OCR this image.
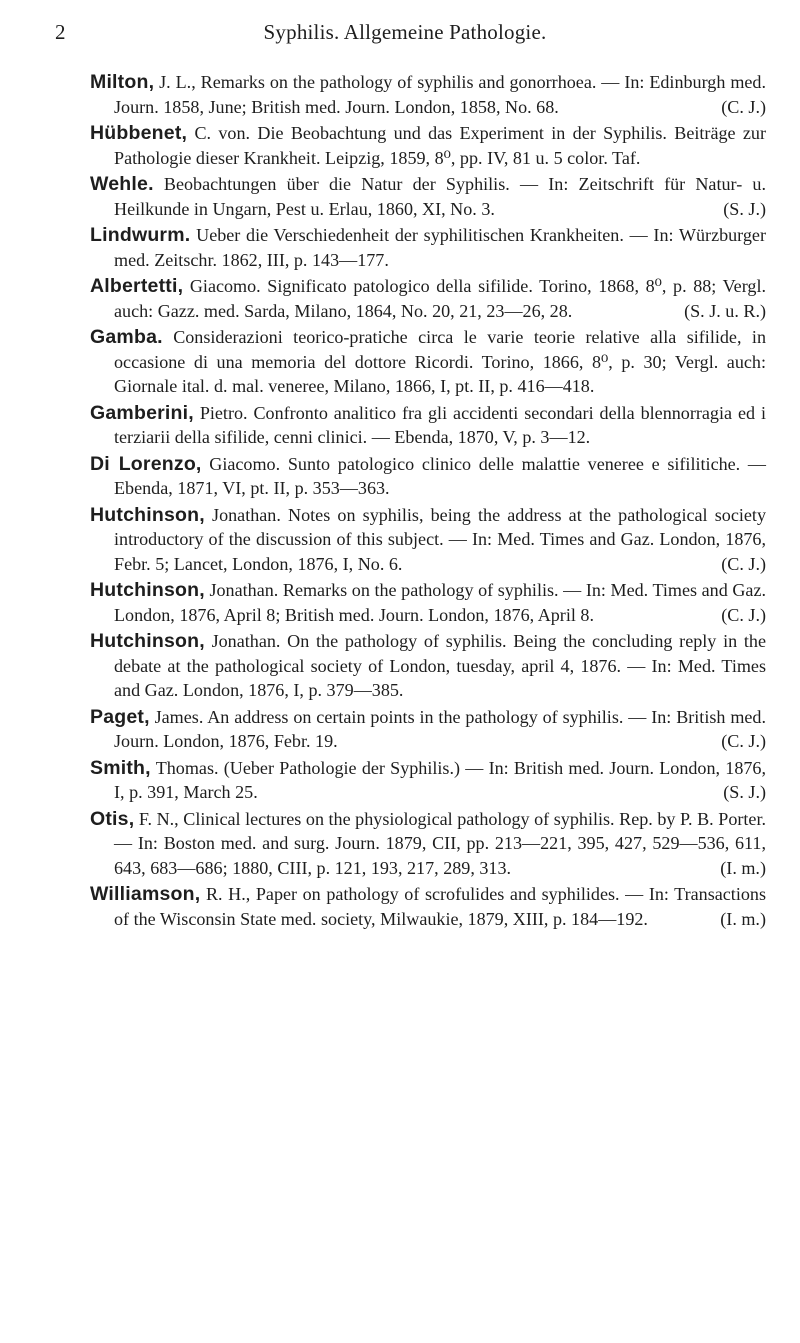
2	Syphilis. Allgemeine Pathologie.
Milton, J. L., Remarks on the pathology of syphilis and gonorrhoea. — In: Edinburgh med. Journ. 1858, June; British med. Journ. London, 1858, No. 68.	(C. J.)
Hübbenet, C. von. Die Beobachtung und das Experiment in der Syphilis. Beiträge zur Pathologie dieser Krankheit. Leipzig, 1859, 8⁰, pp. IV, 81 u. 5 color. Taf.
Wehle. Beobachtungen über die Natur der Syphilis. — In: Zeitschrift für Natur- u. Heilkunde in Ungarn, Pest u. Erlau, 1860, XI, No. 3.	(S. J.)
Lindwurm. Ueber die Verschiedenheit der syphilitischen Krankheiten. — In: Würzburger med. Zeitschr. 1862, III, p. 143—177.
Albertetti, Giacomo. Significato patologico della sifilide. Torino, 1868, 8⁰, p. 88; Vergl. auch: Gazz. med. Sarda, Milano, 1864, No. 20, 21, 23—26, 28.	(S. J. u. R.)
Gamba. Considerazioni teorico-pratiche circa le varie teorie relative alla sifilide, in occasione di una memoria del dottore Ricordi. Torino, 1866, 8⁰, p. 30; Vergl. auch: Giornale ital. d. mal. veneree, Milano, 1866, I, pt. II, p. 416—418.
Gamberini, Pietro. Confronto analitico fra gli accidenti secondari della blennorragia ed i terziarii della sifilide, cenni clinici. — Ebenda, 1870, V, p. 3—12.
Di Lorenzo, Giacomo. Sunto patologico clinico delle malattie veneree e sifilitiche. — Ebenda, 1871, VI, pt. II, p. 353—363.
Hutchinson, Jonathan. Notes on syphilis, being the address at the pathological society introductory of the discussion of this subject. — In: Med. Times and Gaz. London, 1876, Febr. 5; Lancet, London, 1876, I, No. 6.	(C. J.)
Hutchinson, Jonathan. Remarks on the pathology of syphilis. — In: Med. Times and Gaz. London, 1876, April 8; British med. Journ. London, 1876, April 8.	(C. J.)
Hutchinson, Jonathan. On the pathology of syphilis. Being the concluding reply in the debate at the pathological society of London, tuesday, april 4, 1876. — In: Med. Times and Gaz. London, 1876, I, p. 379—385.
Paget, James. An address on certain points in the pathology of syphilis. — In: British med. Journ. London, 1876, Febr. 19.	(C. J.)
Smith, Thomas. (Ueber Pathologie der Syphilis.) — In: British med. Journ. London, 1876, I, p. 391, March 25.	(S. J.)
Otis, F. N., Clinical lectures on the physiological pathology of syphilis. Rep. by P. B. Porter. — In: Boston med. and surg. Journ. 1879, CII, pp. 213—221, 395, 427, 529—536, 611, 643, 683—686; 1880, CIII, p. 121, 193, 217, 289, 313.	(I. m.)
Williamson, R. H., Paper on pathology of scrofulides and syphilides. — In: Transactions of the Wisconsin State med. society, Milwaukie, 1879, XIII, p. 184—192.	(I. m.)
